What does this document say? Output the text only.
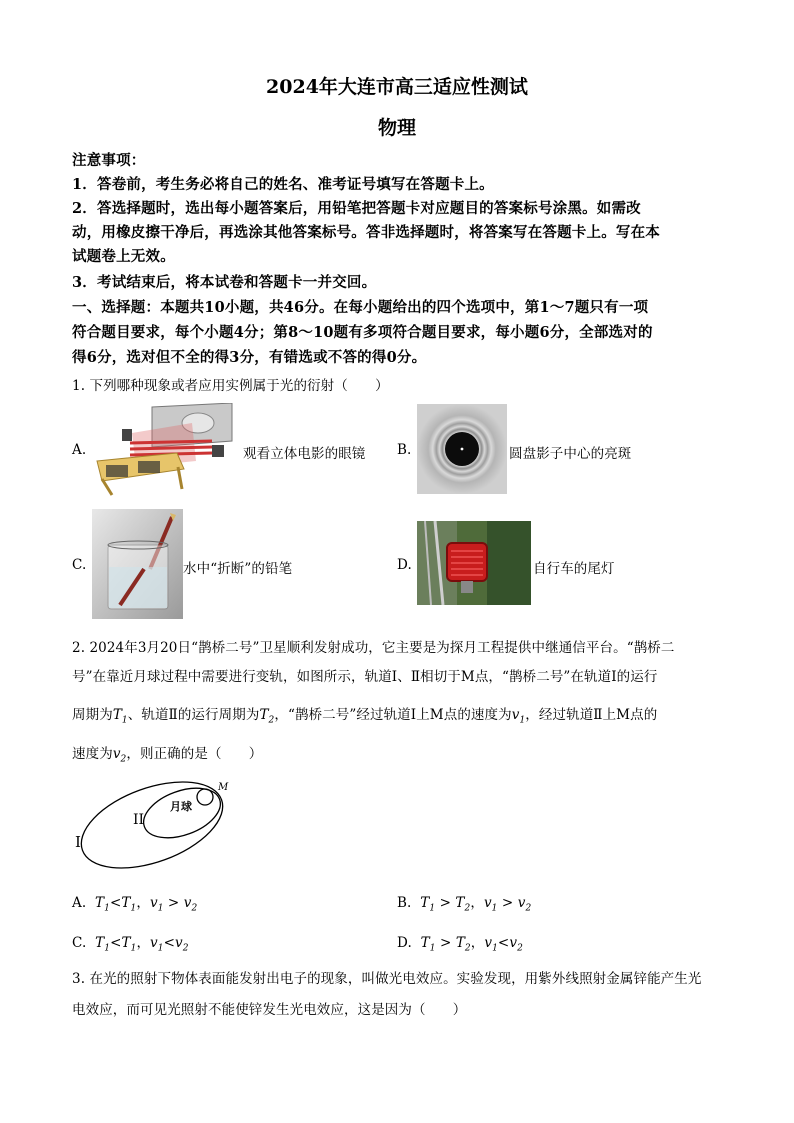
2024年大连市高三适应性测试
物理
注意事项：
1．答卷前，考生务必将自己的姓名、准考证号填写在答题卡上。
2．答选择题时，选出每小题答案后，用铅笔把答题卡对应题目的答案标号涂黑。如需改
动，用橡皮擦干净后，再选涂其他答案标号。答非选择题时，将答案写在答题卡上。写在本
试题卷上无效。
3．考试结束后，将本试卷和答题卡一并交回。
一、选择题：本题共10小题，共46分。在每小题给出的四个选项中，第1～7题只有一项
符合题目要求，每个小题4分；第8～10题有多项符合题目要求，每小题6分，全部选对的
得6分，选对但不全的得3分，有错选或不答的得0分。
1. 下列哪种现象或者应用实例属于光的衍射（　　）
A.	观看立体电影的眼镜 B.	圆盘影子中心的亮斑
C.	水中“折断”的铅笔	D.	自行车的尾灯
2. 2024年3月20日“鹊桥二号”卫星顺利发射成功，它主要是为探月工程提供中继通信平台。“鹊桥二
号”在靠近月球过程中需要进行变轨，如图所示，轨道Ⅰ、Ⅱ相切于M点，“鹊桥二号”在轨道Ⅰ的运行
周期为$T_1$、轨道Ⅱ的运行周期为$T_2$，“鹊桥二号”经过轨道Ⅰ上M点的速度为$v_1$，经过轨道Ⅱ上M点的
速度为$v_2$，则正确的是（　　）
I
II
月球
M
A. $T_1<T_1$，$v_1 > v_2$	B. $T_1 > T_2$，$v_1 > v_2$
C. $T_1<T_1$，$v_1<v_2$	D. $T_1 > T_2$，$v_1<v_2$
3. 在光的照射下物体表面能发射出电子的现象，叫做光电效应。实验发现，用紫外线照射金属锌能产生光
电效应，而可见光照射不能使锌发生光电效应，这是因为（　　）
